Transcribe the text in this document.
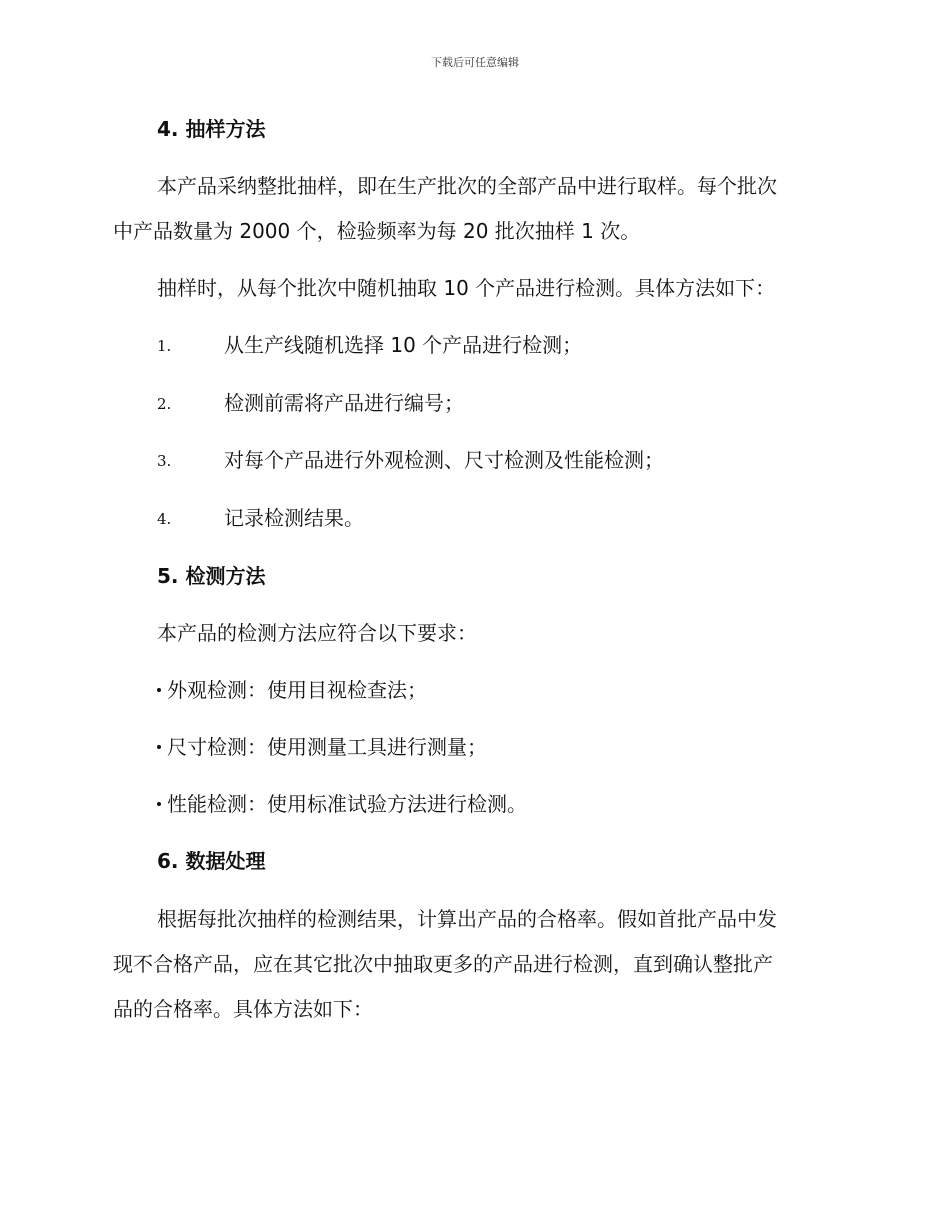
下载后可任意编辑
4. 抽样方法
本产品采纳整批抽样，即在生产批次的全部产品中进行取样。每个批次
中产品数量为 2000 个，检验频率为每 20 批次抽样 1 次。
抽样时，从每个批次中随机抽取 10 个产品进行检测。具体方法如下：
1.	从生产线随机选择 10 个产品进行检测；
2.	检测前需将产品进行编号；
3.	对每个产品进行外观检测、尺寸检测及性能检测；
4.	记录检测结果。
5. 检测方法
本产品的检测方法应符合以下要求：
外观检测：使用目视检查法；
尺寸检测：使用测量工具进行测量；
性能检测：使用标准试验方法进行检测。
6. 数据处理
根据每批次抽样的检测结果，计算出产品的合格率。假如首批产品中发
现不合格产品，应在其它批次中抽取更多的产品进行检测，直到确认整批产
品的合格率。具体方法如下：
